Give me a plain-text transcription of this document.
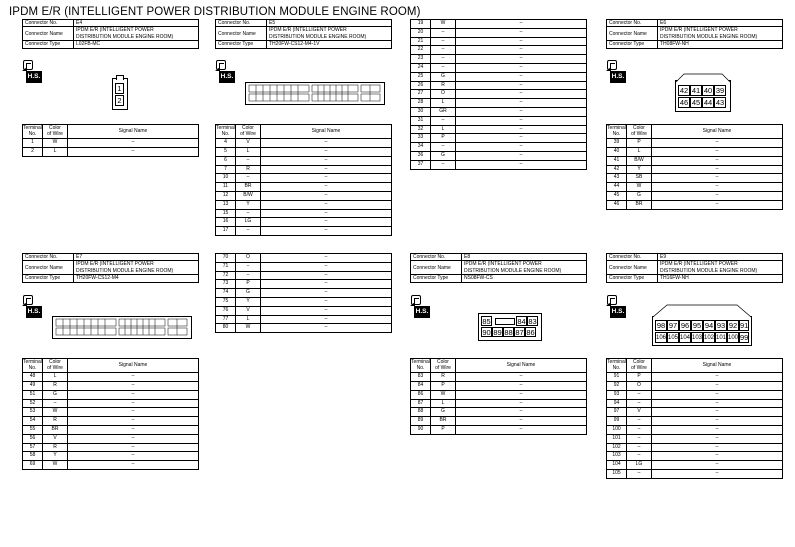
IPDM E/R (INTELLIGENT POWER DISTRIBUTION MODULE ENGINE ROOM)
Connector No.	E4
Connector Name	IPDM E/R (INTELLIGENT POWER
DISTRIBUTION MODULE ENGINE ROOM)
Connector Type	L02FB-MC
Connector No.	E5
Connector Name	IPDM E/R (INTELLIGENT POWER
DISTRIBUTION MODULE ENGINE ROOM)
Connector Type	TH20FW-CS12-M4-1V
Connector No.	E6
Connector Name	IPDM E/R (INTELLIGENT POWER
DISTRIBUTION MODULE ENGINE ROOM)
Connector Type	TH08FW-NH
Connector No.	E7
Connector Name	IPDM E/R (INTELLIGENT POWER
DISTRIBUTION MODULE ENGINE ROOM)
Connector Type	TH20FW-CS12-M4
Connector No.	E8
Connector Name	IPDM E/R (INTELLIGENT POWER
DISTRIBUTION MODULE ENGINE ROOM)
Connector Type	NS08FW-CS
Connector No.	E9
Connector Name	IPDM E/R (INTELLIGENT POWER
DISTRIBUTION MODULE ENGINE ROOM)
Connector Type	TH16FW-NH
H.S.	H.S.	H.S.
H.S.	H.S.	H.S.
1
2
42 41 40 39
46 45 44 43
85	84 83
90 89 88 87 86
98 97 96 95 94 93 92 91
106 105 104 103 102 101 100 99
Terminal
No.	Color
of Wire	Signal Name
1	W	–
2	L	–
Terminal
No.	Color
of Wire	Signal Name
4	V	–
5	L	–
6	–	–
7	R	–
10	–	–
11	BR	–
12	B/W	–
13	Y	–
15	–	–
16	LG	–
17	–	–
19	W	–
20	–	–
21	–	–
22	–	–
23	–	–
24	–	–
25	G	–
26	R	–
27	O	–
28	L	–
30	GR	–
31	–	–
32	L	–
33	P	–
34	–	–
36	G	–
37	–	–
Terminal
No.	Color
of Wire	Signal Name
39	P	–
40	L	–
41	B/W	–
42	Y	–
43	SB	–
44	W	–
45	G	–
46	BR	–
Terminal
No.	Color
of Wire	Signal Name
48	L	–
49	R	–
51	G	–
52	–	–
53	W	–
54	R	–
55	BR	–
56	V	–
57	R	–
58	Y	–
69	W	–
70	O	–
71	–	–
72	–	–
73	P	–
74	G	–
75	Y	–
76	V	–
77	L	–
80	W	–
Terminal
No.	Color
of Wire	Signal Name
83	R	–
84	P	–
86	W	–
87	L	–
88	G	–
89	BR	–
90	P	–
Terminal
No.	Color
of Wire	Signal Name
91	P	–
92	O	–
93	–	–
94	–	–
97	V	–
99	–	–
100	–	–
101	–	–
102	–	–
103	–	–
104	LG	–
105	–	–
